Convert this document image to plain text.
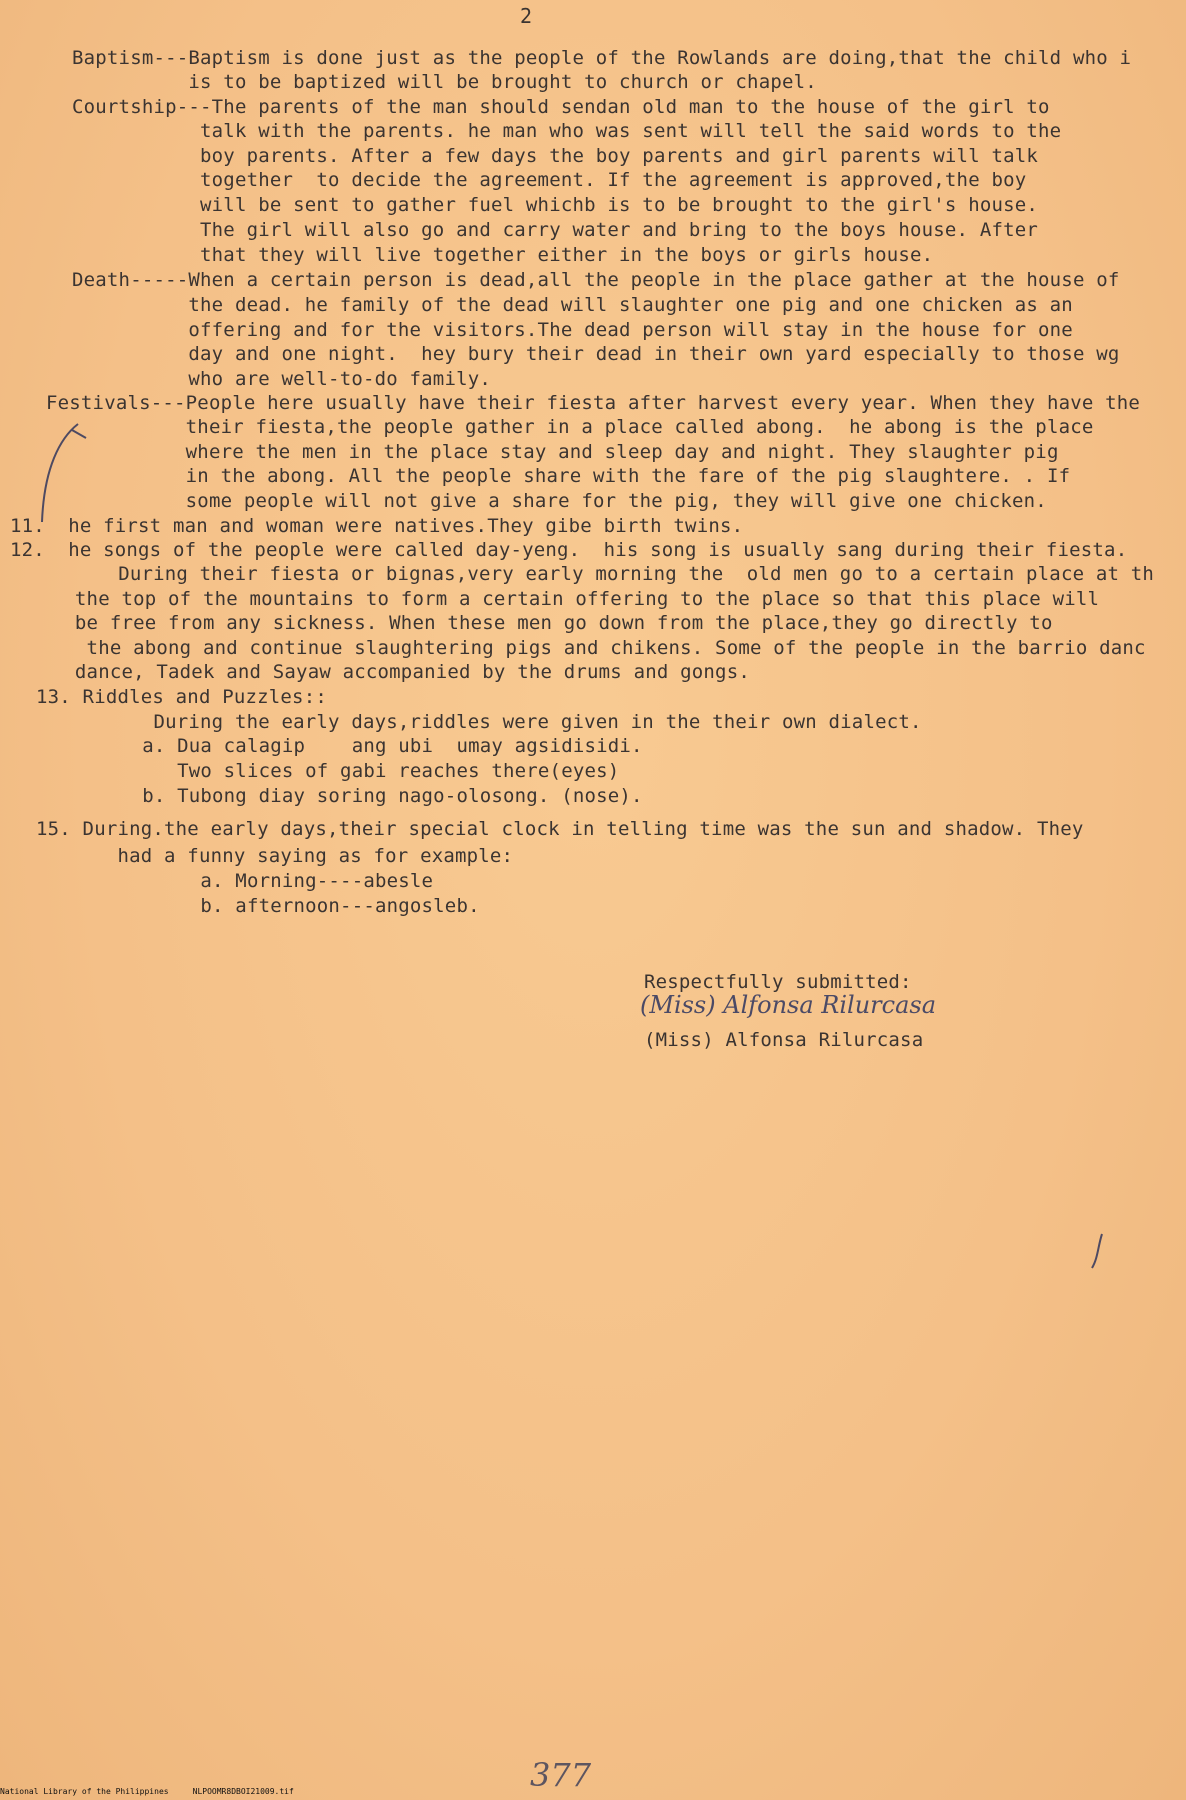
2
Baptism---Baptism is done just as the people of the Rowlands are doing,that the child who i
is to be baptized will be brought to church or chapel.
Courtship---The parents of the man should sendan old man to the house of the girl to
talk with the parents. he man who was sent will tell the said words to the
boy parents. After a few days the boy parents and girl parents will talk
together  to decide the agreement. If the agreement is approved,the boy
will be sent to gather fuel whichb is to be brought to the girl's house.
The girl will also go and carry water and bring to the boys house. After
that they will live together either in the boys or girls house.
Death-----When a certain person is dead,all the people in the place gather at the house of
the dead. he family of the dead will slaughter one pig and one chicken as an
offering and for the visitors.The dead person will stay in the house for one
day and one night.  hey bury their dead in their own yard especially to those wg
who are well-to-do family.
Festivals---People here usually have their fiesta after harvest every year. When they have the
their fiesta,the people gather in a place called abong.  he abong is the place
where the men in the place stay and sleep day and night. They slaughter pig
in the abong. All the people share with the fare of the pig slaughtere. . If
some people will not give a share for the pig, they will give one chicken.
11.  he first man and woman were natives.They gibe birth twins.
12.  he songs of the people were called day-yeng.  his song is usually sang during their fiesta.
During their fiesta or bignas,very early morning the  old men go to a certain place at th
the top of the mountains to form a certain offering to the place so that this place will
be free from any sickness. When these men go down from the place,they go directly to
the abong and continue slaughtering pigs and chikens. Some of the people in the barrio danc
dance, Tadek and Sayaw accompanied by the drums and gongs.
13. Riddles and Puzzles::
During the early days,riddles were given in the their own dialect.
a. Dua calagip    ang ubi  umay agsidisidi.
Two slices of gabi reaches there(eyes)
b. Tubong diay soring nago-olosong. (nose).
15. During.the early days,their special clock in telling time was the sun and shadow. They
had a funny saying as for example:
a. Morning----abesle
b. afternoon---angosleb.
Respectfully submitted:
(Miss) Alfonsa Rilurcasa
(Miss) Alfonsa Rilurcasa
377
National Library of the Philippines     NLPOOMR8DBOI21009.tif
